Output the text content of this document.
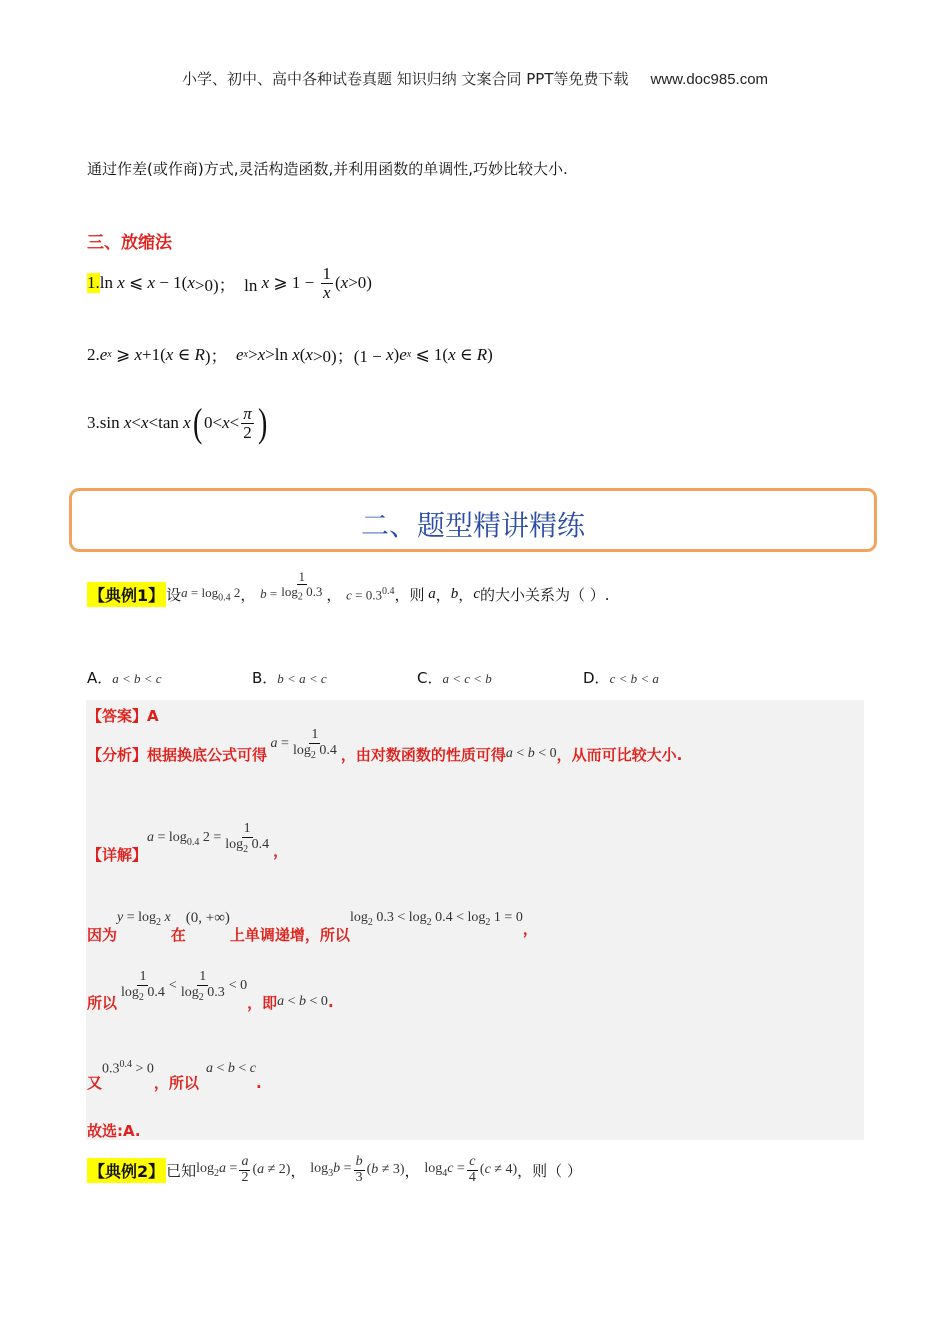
小学、初中、高中各种试卷真题 知识归纳 文案合同 PPT等免费下载 www.doc985.com
通过作差(或作商)方式,灵活构造函数,并利用函数的单调性,巧妙比较大小.
三、放缩法
1. ln x ⩽ x − 1( x >0)；  ln x ⩾ $1 - \frac{1}{x}$ ( x >0)
2. e x ⩾ x +1( x ∈ R )； e x > x >ln x ( x >0)；(1 − x ) e x ⩽ 1( x ∈ R )
3. sin x < x <tan x ( $0< x < \frac{\pi}{2}$ )
二、题型精讲精练
【典例1】 设 $a = \log_{0.4} 2$ ， $b = \frac{1}{\log_2 0.3}$ ， $c = 0.3^{0.4}$ ，则 a ， b ， c 的大小关系为（ ）.
A．a < b < c	B．b < a < c	C．a < c < b	D．c < b < a
【答案】 A
【分析】 根据换底公式可得
$a = \frac{1}{\log_2 0.4}$ ，由对数函数的性质可得 a < b < 0 ，从而可比较大小.
【详解】
$a = \log_{0.4} 2 = \frac{1}{\log_2 0.4}$ ，
因为
$y = \log_2 x$
在
(0, +∞)
上单调递增，所以
$\log_2 0.3 < \log_2 0.4 < \log_2 1 = 0$
，
所以 $\frac{1}{\log_2 0.4} < \frac{1}{\log_2 0.3} < 0$
，即 a < b < 0 .
又
$0.3^{0.4} > 0$
，所以
a < b < c
.
故选:A.
【典例2】 已知 $\log_2a = \frac{a}{2} (a \ne 2)$ ， $\log_3b = \frac{b}{3} (b \ne 3)$ ， $\log_4c = \frac{c}{4} (c \ne 4)$ ，则（ ）
